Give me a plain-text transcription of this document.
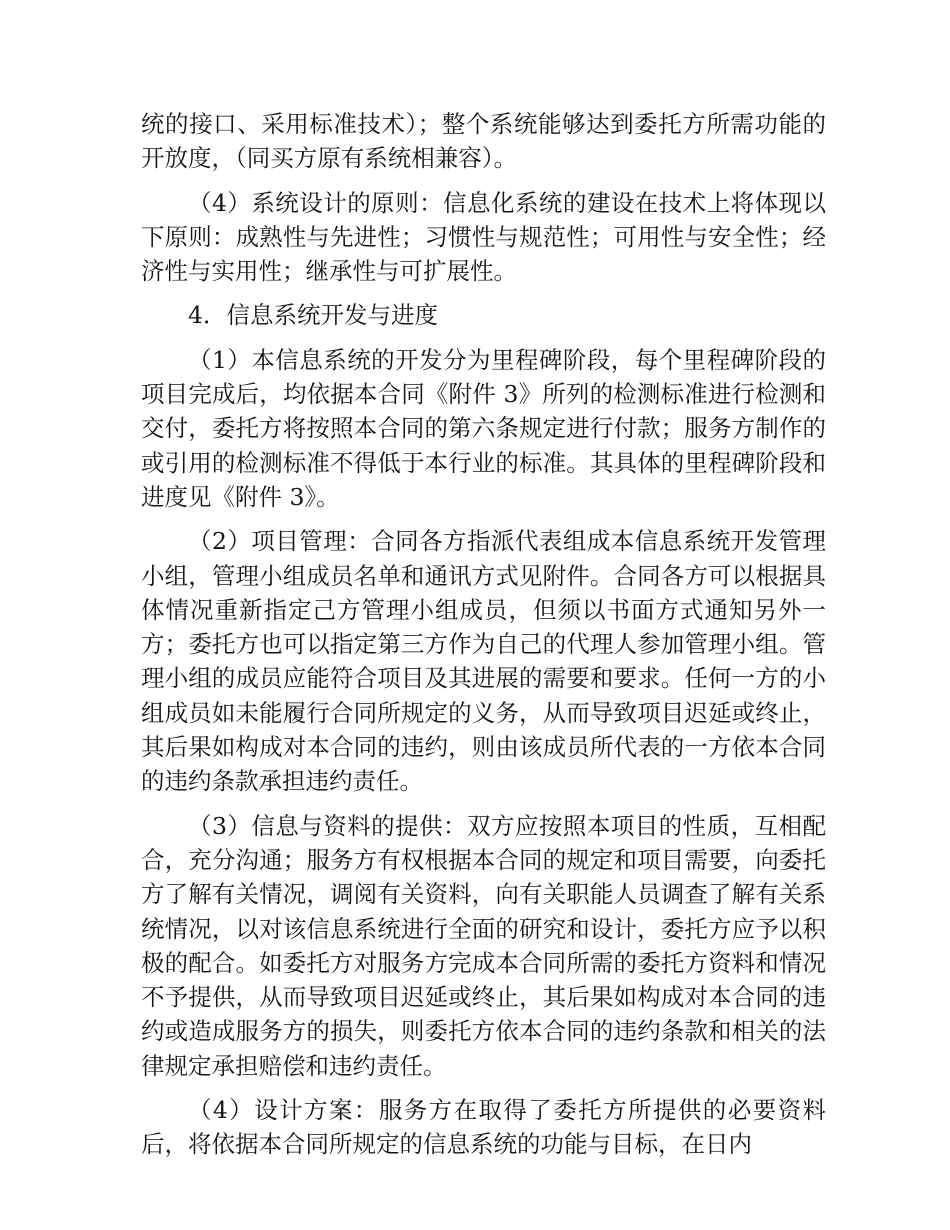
统的接口、采用标准技术）；整个系统能够达到委托方所需功能的开放度，（同买方原有系统相兼容）。

（4）系统设计的原则：信息化系统的建设在技术上将体现以下原则：成熟性与先进性；习惯性与规范性；可用性与安全性；经济性与实用性；继承性与可扩展性。

4．信息系统开发与进度

（1）本信息系统的开发分为里程碑阶段，每个里程碑阶段的项目完成后，均依据本合同《附件 3》所列的检测标准进行检测和交付，委托方将按照本合同的第六条规定进行付款；服务方制作的或引用的检测标准不得低于本行业的标准。其具体的里程碑阶段和进度见《附件 3》。

（2）项目管理：合同各方指派代表组成本信息系统开发管理小组，管理小组成员名单和通讯方式见附件。合同各方可以根据具体情况重新指定己方管理小组成员，但须以书面方式通知另外一方；委托方也可以指定第三方作为自己的代理人参加管理小组。管理小组的成员应能符合项目及其进展的需要和要求。任何一方的小组成员如未能履行合同所规定的义务，从而导致项目迟延或终止，其后果如构成对本合同的违约，则由该成员所代表的一方依本合同的违约条款承担违约责任。

（3）信息与资料的提供：双方应按照本项目的性质，互相配合，充分沟通；服务方有权根据本合同的规定和项目需要，向委托方了解有关情况，调阅有关资料，向有关职能人员调查了解有关系统情况，以对该信息系统进行全面的研究和设计，委托方应予以积极的配合。如委托方对服务方完成本合同所需的委托方资料和情况不予提供，从而导致项目迟延或终止，其后果如构成对本合同的违约或造成服务方的损失，则委托方依本合同的违约条款和相关的法律规定承担赔偿和违约责任。

（4）设计方案：服务方在取得了委托方所提供的必要资料后，将依据本合同所规定的信息系统的功能与目标，在日内
